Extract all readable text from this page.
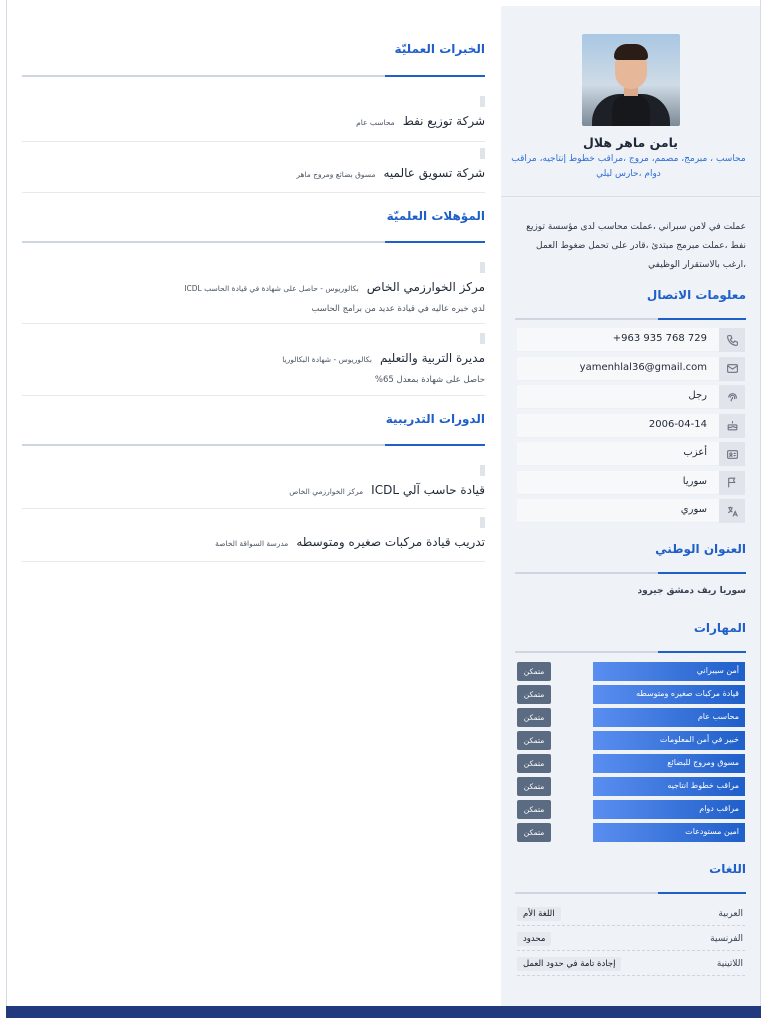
يامن ماهر هلال
محاسب ، مبرمج، مصمم، مروج ،مراقب خطوط إنتاجيه، مراقب دوام ،حارس ليلي
عملت في لامن سبراني ،عملت محاسب لدى مؤسسة توزيع نفط ،عملت مبرمج مبتدئ ،قادر على تحمل ضغوط العمل ،ارغب بالاستقرار الوظيفي
معلومات الاتصال
+963 935 768 729
yamenhlal36@gmail.com
رجل
2006-04-14
أعزب
سوريا
سوري
العنوان الوطني
سوريا ريف دمشق جيرود
المهارات
أمن سيبراني
متمكن
قيادة مركبات صغيره ومتوسطه
متمكن
محاسب عام
متمكن
خبير في أمن المعلومات
متمكن
مسوق ومروج للبضائع
متمكن
مراقب خطوط انتاجيه
متمكن
مراقب دوام
متمكن
امين مستودعات
متمكن
اللغات
العربية
اللغة الأم
الفرنسية
محدود
اللاتينية
إجادة تامة في حدود العمل
الخبرات العمليّة
شركة توزيع نفط
محاسب عام
شركة تسويق عالميه
مسوق بضائع ومروج ماهر
المؤهلات العلميّة
مركز الخوارزمي الخاص
بكالوريوس - حاصل على شهادة في قيادة الحاسب ICDL
لدي خبره عاليه في قيادة عديد من برامج الحاسب
مديرة التربية والتعليم
بكالوريوس - شهادة البكالوريا
حاصل على شهادة بمعدل 65%
الدورات التدريبية
قيادة حاسب آلي ICDL
مركز الخوارزمي الخاص
تدريب قيادة مركبات صغيره ومتوسطه
مدرسة السواقة الخاصة
